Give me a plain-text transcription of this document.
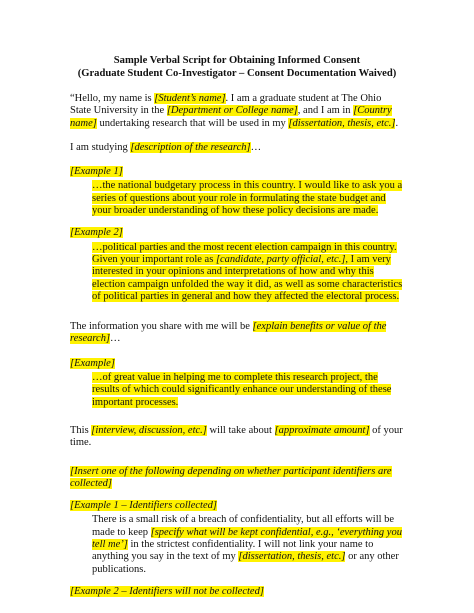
Sample Verbal Script for Obtaining Informed Consent
(Graduate Student Co-Investigator – Consent Documentation Waived)

“Hello, my name is [Student’s name]. I am a graduate student at The Ohio State University in the [Department or College name], and I am in [Country name] undertaking research that will be used in my [dissertation, thesis, etc.].

I am studying [description of the research]…

[Example 1]
…the national budgetary process in this country. I would like to ask you a series of questions about your role in formulating the state budget and your broader understanding of how these policy decisions are made.
[Example 2]
…political parties and the most recent election campaign in this country. Given your important role as [candidate, party official, etc.], I am very interested in your opinions and interpretations of how and why this election campaign unfolded the way it did, as well as some characteristics of political parties in general and how they affected the electoral process.

The information you share with me will be [explain benefits or value of the research]…

[Example]
…of great value in helping me to complete this research project, the results of which could significantly enhance our understanding of these important processes.

This [interview, discussion, etc.] will take about [approximate amount] of your time.

[Insert one of the following depending on whether participant identifiers are collected]

[Example 1 – Identifiers collected]
There is a small risk of a breach of confidentiality, but all efforts will be made to keep [specify what will be kept confidential, e.g., ‘everything you tell me’] in the strictest confidentiality. I will not link your name to anything you say in the text of my [dissertation, thesis, etc.] or any other publications.
[Example 2 – Identifiers will not be collected]
